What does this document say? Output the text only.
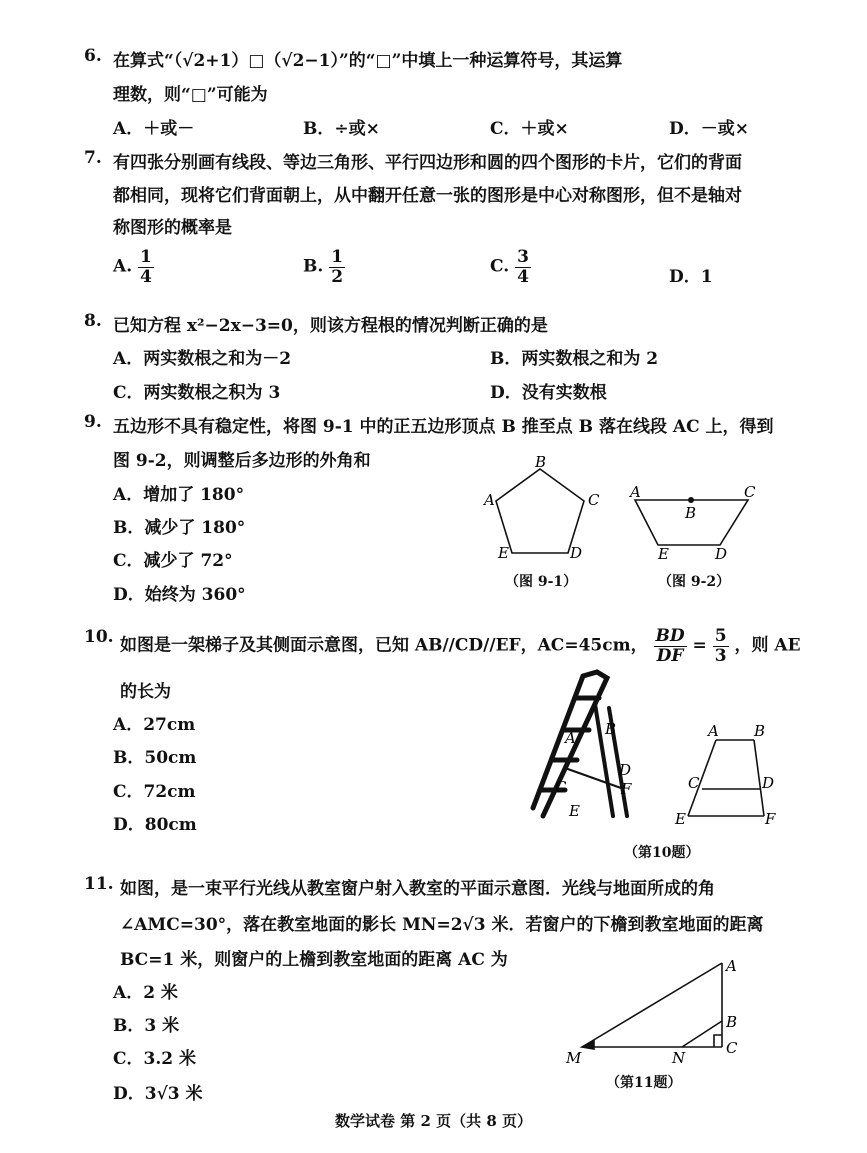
6. 在算式“（√2+1）□（√2−1）”的“□”中填上一种运算符号，其运算
理数，则“□”可能为
A．＋或－	B．÷或×	C．＋或×	D．－或×
7. 有四张分别画有线段、等边三角形、平行四边形和圆的四个图形的卡片，它们的背面
都相同，现将它们背面朝上，从中翻开任意一张的图形是中心对称图形，但不是轴对
称图形的概率是
A. $\frac{1}{4}$	B. $\frac{1}{2}$	C. $\frac{3}{4}$	D．1
8. 已知方程 x²−2x−3=0，则该方程根的情况判断正确的是
A．两实数根之和为－2	B．两实数根之和为 2
C．两实数根之积为 3	D．没有实数根
9. 五边形不具有稳定性，将图 9-1 中的正五边形顶点 B 推至点 B 落在线段 AC 上，得到
图 9-2，则调整后多边形的外角和
A．增加了 180°
B．减少了 180°
C．减少了 72°
D．始终为 360°
B
C
A
E	D
A	C
B
E	D
（图 9-1）	（图 9-2）
10. 如图是一架梯子及其侧面示意图，已知 AB//CD//EF，AC=45cm， $\frac{BD}{DF} = \frac{5}{3}$ ，则 AE
的长为
A．27cm
B．50cm
C．72cm
D．80cm
B
A
D
C	F
E
A B
C	D
E	F
（第10题）
11. 如图，是一束平行光线从教室窗户射入教室的平面示意图．光线与地面所成的角
∠AMC=30°，落在教室地面的影长 MN=2√3 米．若窗户的下檐到教室地面的距离
BC=1 米，则窗户的上檐到教室地面的距离 AC 为
A．2 米
B．3 米
C．3.2 米
D．3√3 米
A
B
C
M	N
（第11题）
数学试卷 第 2 页（共 8 页）
